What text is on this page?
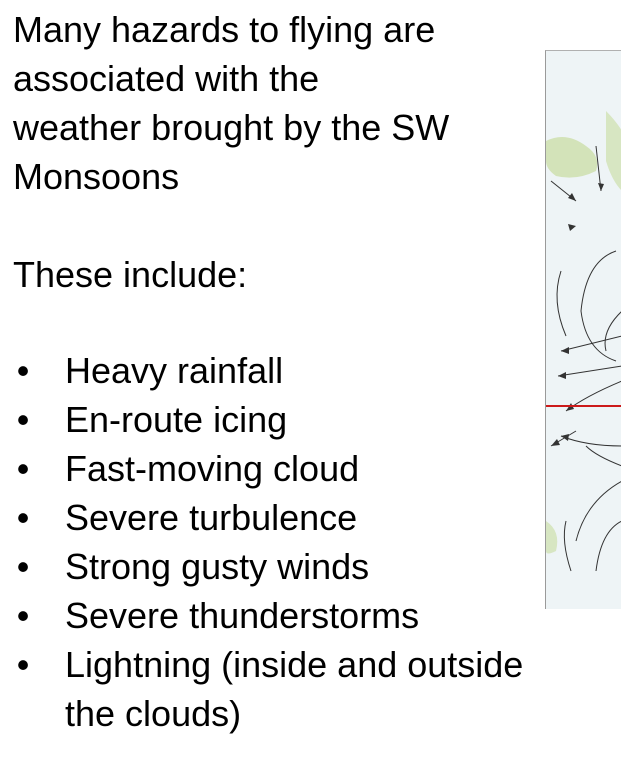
Many hazards to flying are
associated with the
weather brought by the SW
Monsoons

These include:

• Heavy rainfall
• En-route icing
• Fast-moving cloud
• Severe turbulence
• Strong gusty winds
• Severe thunderstorms
• Lightning (inside and outside
the clouds)
